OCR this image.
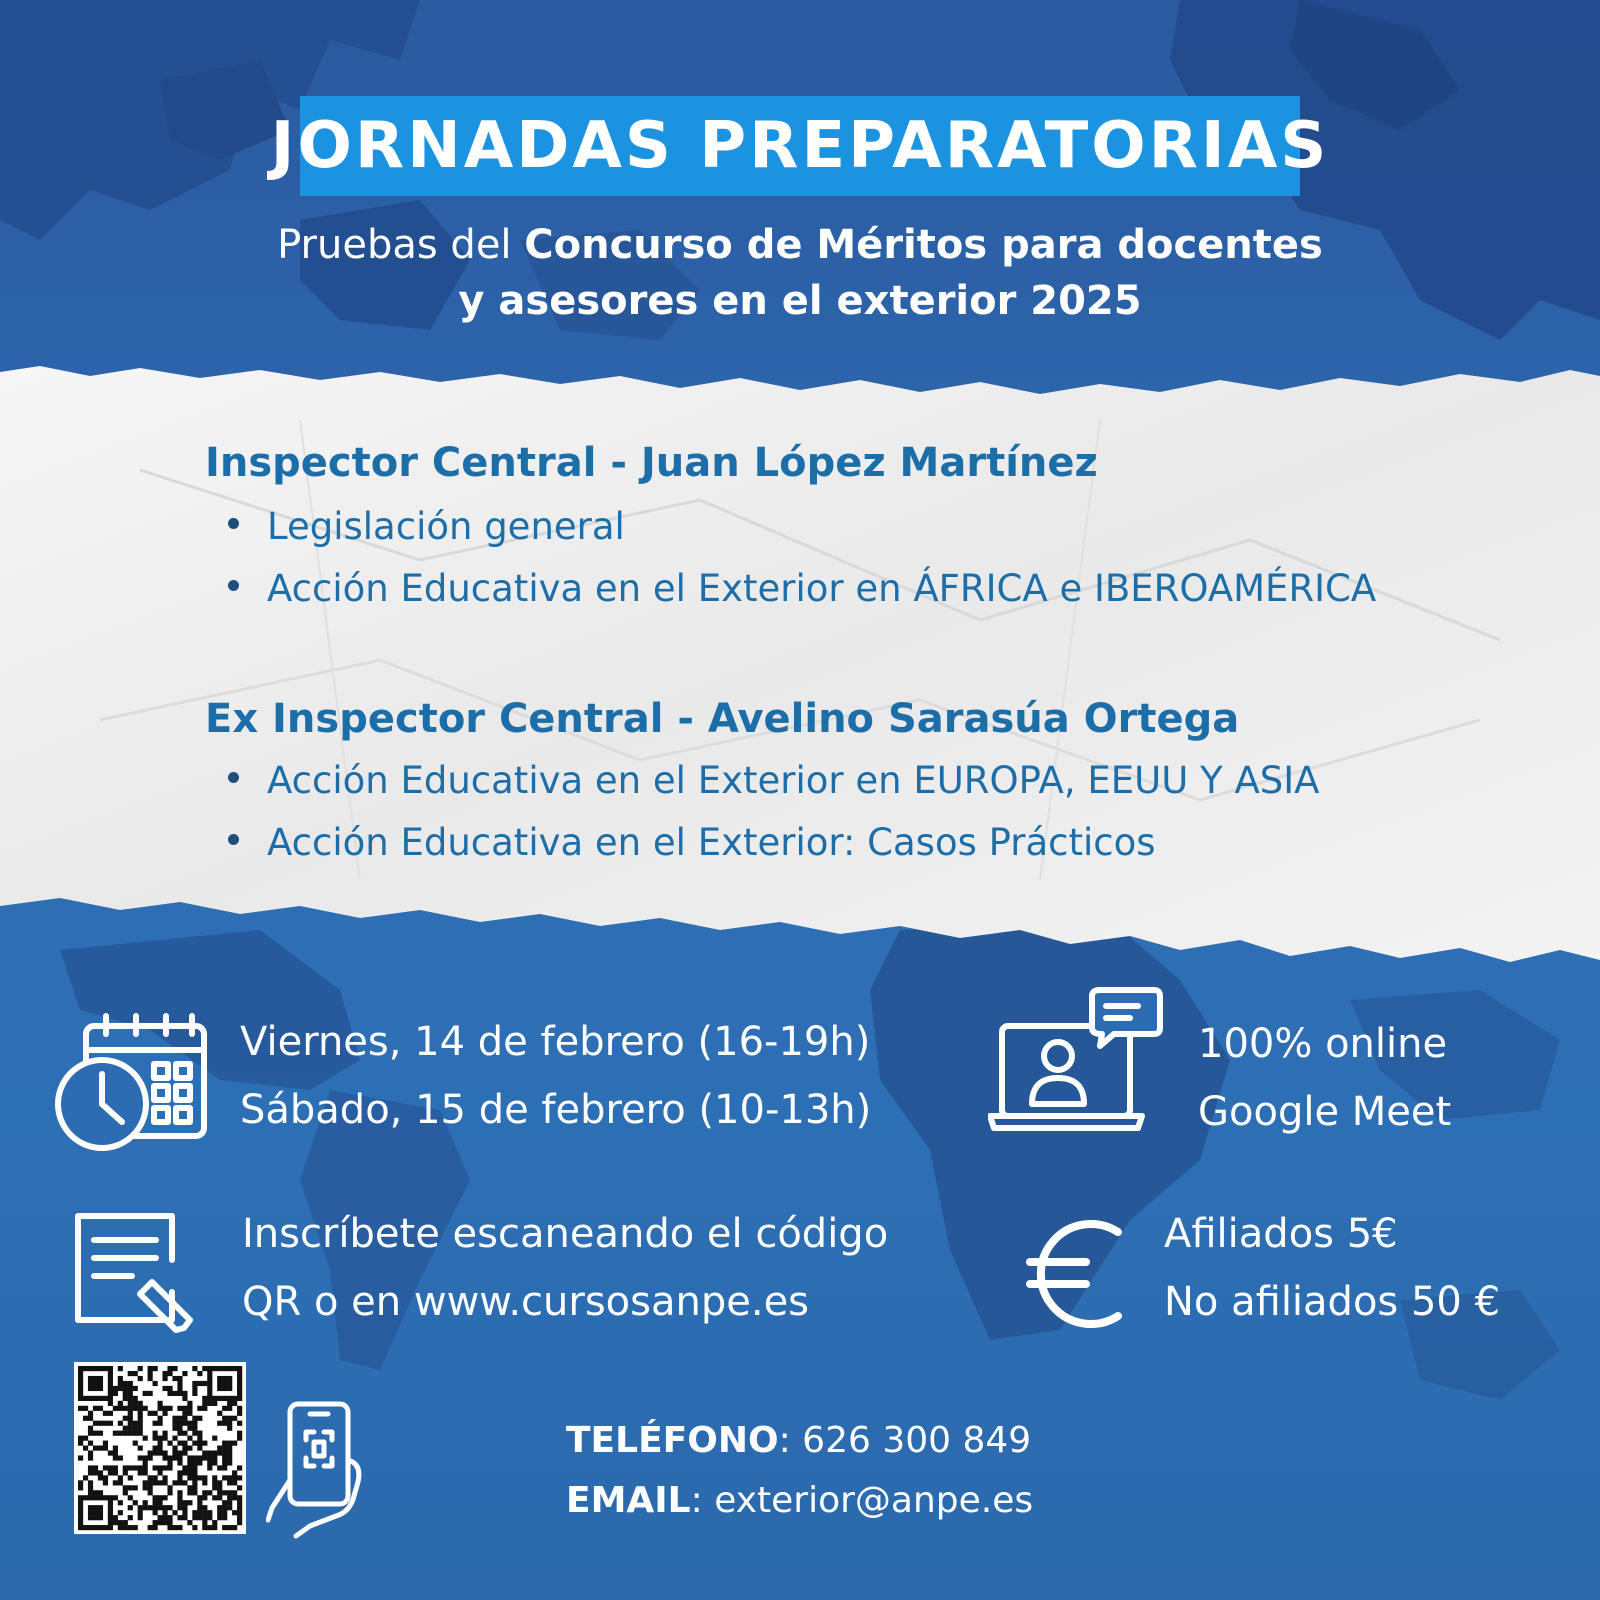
JORNADAS PREPARATORIAS
Pruebas del Concurso de Méritos para docentes
y asesores en el exterior 2025
Inspector Central - Juan López Martínez
Legislación general
Acción Educativa en el Exterior en ÁFRICA e IBEROAMÉRICA
Ex Inspector Central - Avelino Sarasúa Ortega
Acción Educativa en el Exterior en EUROPA, EEUU Y ASIA
Acción Educativa en el Exterior: Casos Prácticos
Viernes, 14 de febrero (16-19h)
Sábado, 15 de febrero (10-13h)
100% online
Google Meet
Inscríbete escaneando el código
QR o en www.cursosanpe.es
Afiliados 5€
No afiliados 50 €
TELÉFONO: 626 300 849
EMAIL: exterior@anpe.es
